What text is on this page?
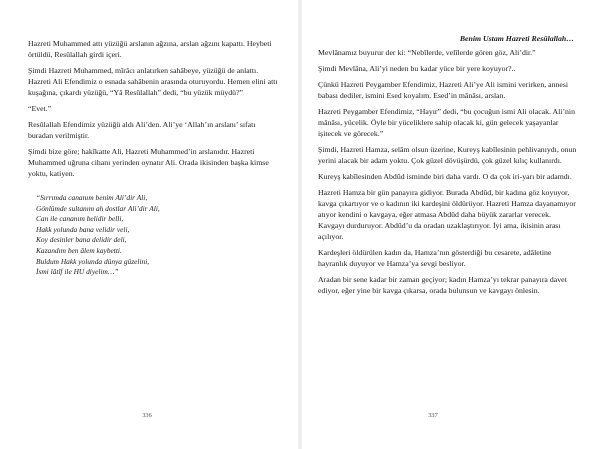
Hazreti Muhammed attı yüzüğü arslanın ağzına, arslan ağzını kapattı. Heybeti örtüldü, Resûlallah girdi içeri.

Şimdi Hazreti Muhammed, mîrâcı anlatırken sahâbeye, yüzüğü de anlattı. Hazreti Ali Efendimiz o esnada sahâbenin arasında oturuyordu. Hemen elini attı kuşağına, çıkardı yüzüğü, “Yâ Resûlallah” dedi, “bu yüzük müydü?”

“Evet.”

Resûlallah Efendimiz yüzüğü aldı Ali’den. Ali’ye ‘Allah’ın arslanı’ sıfatı buradan verilmiştir.

Şimdi bize göre; hakîkatte Ali, Hazreti Muhammed’in arslanıdır. Hazreti Muhammed uğruna cihanı yerinden oynatır Ali. Orada ikisinden başka kimse yoktu, katiyen.

“Sırrımda cananım benim Ali’dir Ali,
Gönlümde sultanım ah dostlar Ali’dir Ali,
Can ile cananım belidir belli,
Hakk yolunda bana velidir veli,
Koy desinler bana delidir deli,
Kazandım ben âlem kaybetti.
Buldum Hakk yolunda dünya güzelini,
İsmi lâtîf ile HU diyelim…”
336
Benim Ustam Hazreti Resûlallah…

Mevlânamız buyurur der ki: “Nebîlerde, velîlerde gören göz, Ali’dir.”

Şimdi Mevlâna, Ali’yi neden bu kadar yüce bir yere koyuyor?..

Çünkü Hazreti Peygamber Efendimiz, Hazreti Ali’ye Ali ismini verirken, annesi babası dediler, ismini Esed koyalım. Esed’in mânâsı, arslan.

Hazreti Peygamber Efendimiz, “Hayır” dedi, “bu çocuğun ismi Ali olacak. Ali’nin mânâsı, yücelik. Öyle bir yüceliklere sahip olacak ki, gün gelecek yaşayanlar işitecek ve görecek.”

Şimdi, Hazreti Hamza, selâm olsun üzerine, Kureyş kabîlesinin pehlivanıydı, onun yerini alacak bir adam yoktu. Çok güzel dövüşürdü, çok güzel kılıç kullanırdı.

Kureyş kabîlesinden Abdûd isminde biri daha vardı. O da çok iri-yarı bir adamdı.

Hazreti Hamza bir gün panayıra gidiyor. Burada Abdûd, bir kadına göz koyuyor, kavga çıkartıyor ve o kadının iki kardeşini öldürüyor. Hazreti Hamza dayanamıyor atıyor kendini o kavgaya, eğer atmasa Abdûd daha büyük zararlar verecek. Kavgayı durduruyor. Abdûd’u da oradan uzaklaştırıyor. İyi ama, ikisinin arası açılıyor.

Kardeşleri öldürülen kadın da, Hamza’nın gösterdiği bu cesarete, adâletine hayranlık duyuyor ve Hamza’ya sevgi besliyor.

Aradan bir sene kadar bir zaman geçiyor; kadın Hamza’yı tekrar panayıra davet ediyor, eğer yine bir kavga çıkarsa, orada bulunsun ve kavgayı önlesin.

337
